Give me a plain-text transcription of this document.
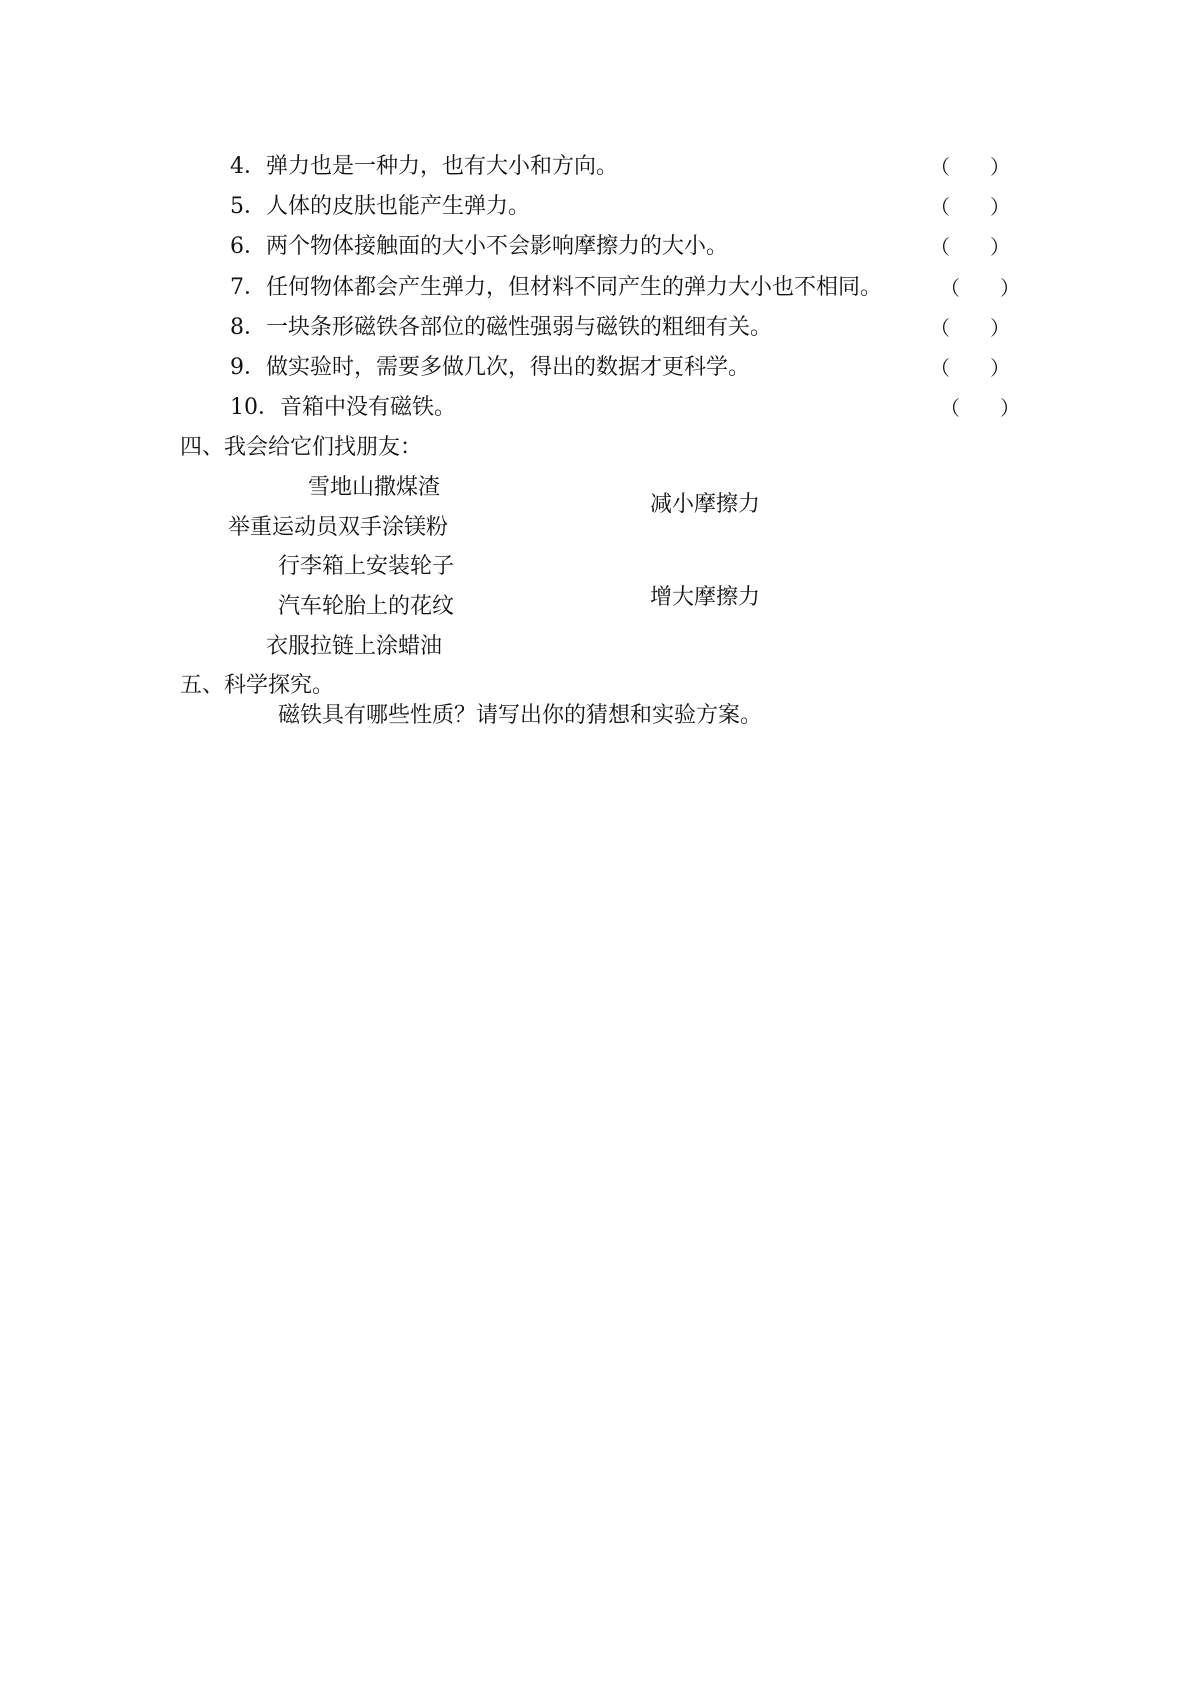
4．弹力也是一种力，也有大小和方向。	（　　）
5．人体的皮肤也能产生弹力。	（　　）
6．两个物体接触面的大小不会影响摩擦力的大小。	（　　）
7．任何物体都会产生弹力，但材料不同产生的弹力大小也不相同。	（　　）
8．一块条形磁铁各部位的磁性强弱与磁铁的粗细有关。	（　　）
9．做实验时，需要多做几次，得出的数据才更科学。	（　　）
10．音箱中没有磁铁。	（　　）
四、我会给它们找朋友：
雪地山撒煤渣
举重运动员双手涂镁粉
行李箱上安装轮子
汽车轮胎上的花纹
衣服拉链上涂蜡油
减小摩擦力
增大摩擦力
五、科学探究。
磁铁具有哪些性质？请写出你的猜想和实验方案。
